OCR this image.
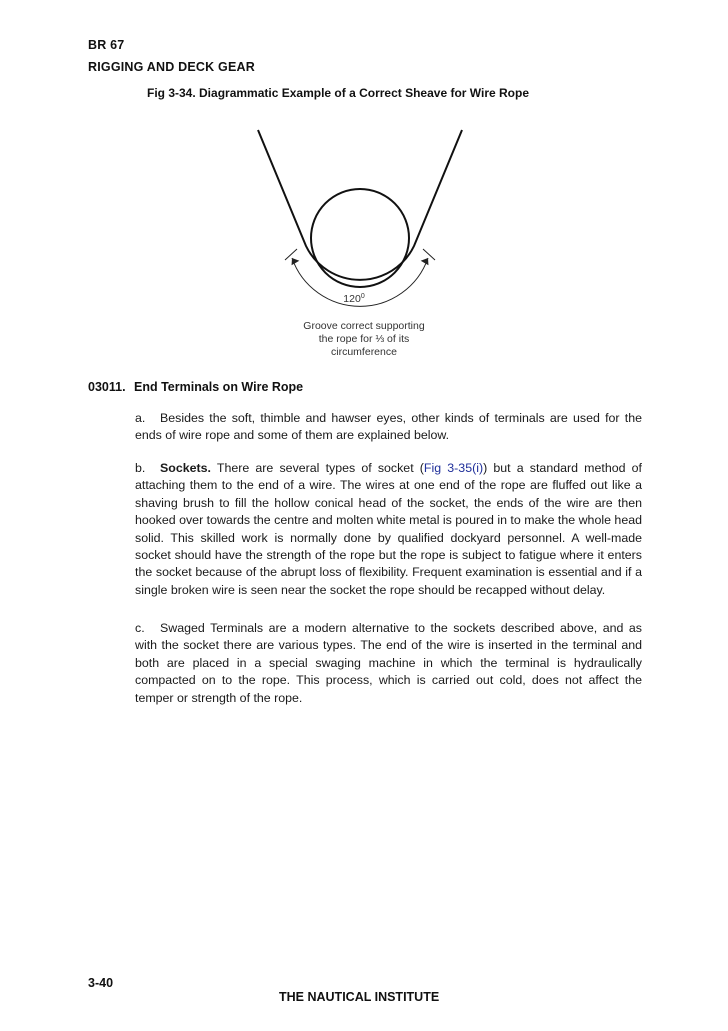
BR 67
RIGGING AND DECK GEAR
Fig 3-34. Diagrammatic Example of a Correct Sheave for Wire Rope
$120^0$
Groove correct supporting
the rope for ⅓ of its
circumference
03011. End Terminals on Wire Rope
a. Besides the soft, thimble and hawser eyes, other kinds of terminals are used for the ends of wire rope and some of them are explained below.
b. Sockets. There are several types of socket (Fig 3-35(i)) but a standard method of attaching them to the end of a wire. The wires at one end of the rope are fluffed out like a shaving brush to fill the hollow conical head of the socket, the ends of the wire are then hooked over towards the centre and molten white metal is poured in to make the whole head solid. This skilled work is normally done by qualified dockyard personnel. A well-made socket should have the strength of the rope but the rope is subject to fatigue where it enters the socket because of the abrupt loss of flexibility. Frequent examination is essential and if a single broken wire is seen near the socket the rope should be recapped without delay.
c. Swaged Terminals are a modern alternative to the sockets described above, and as with the socket there are various types. The end of the wire is inserted in the terminal and both are placed in a special swaging machine in which the terminal is hydraulically compacted on to the rope. This process, which is carried out cold, does not affect the temper or strength of the rope.
3-40
THE NAUTICAL INSTITUTE
